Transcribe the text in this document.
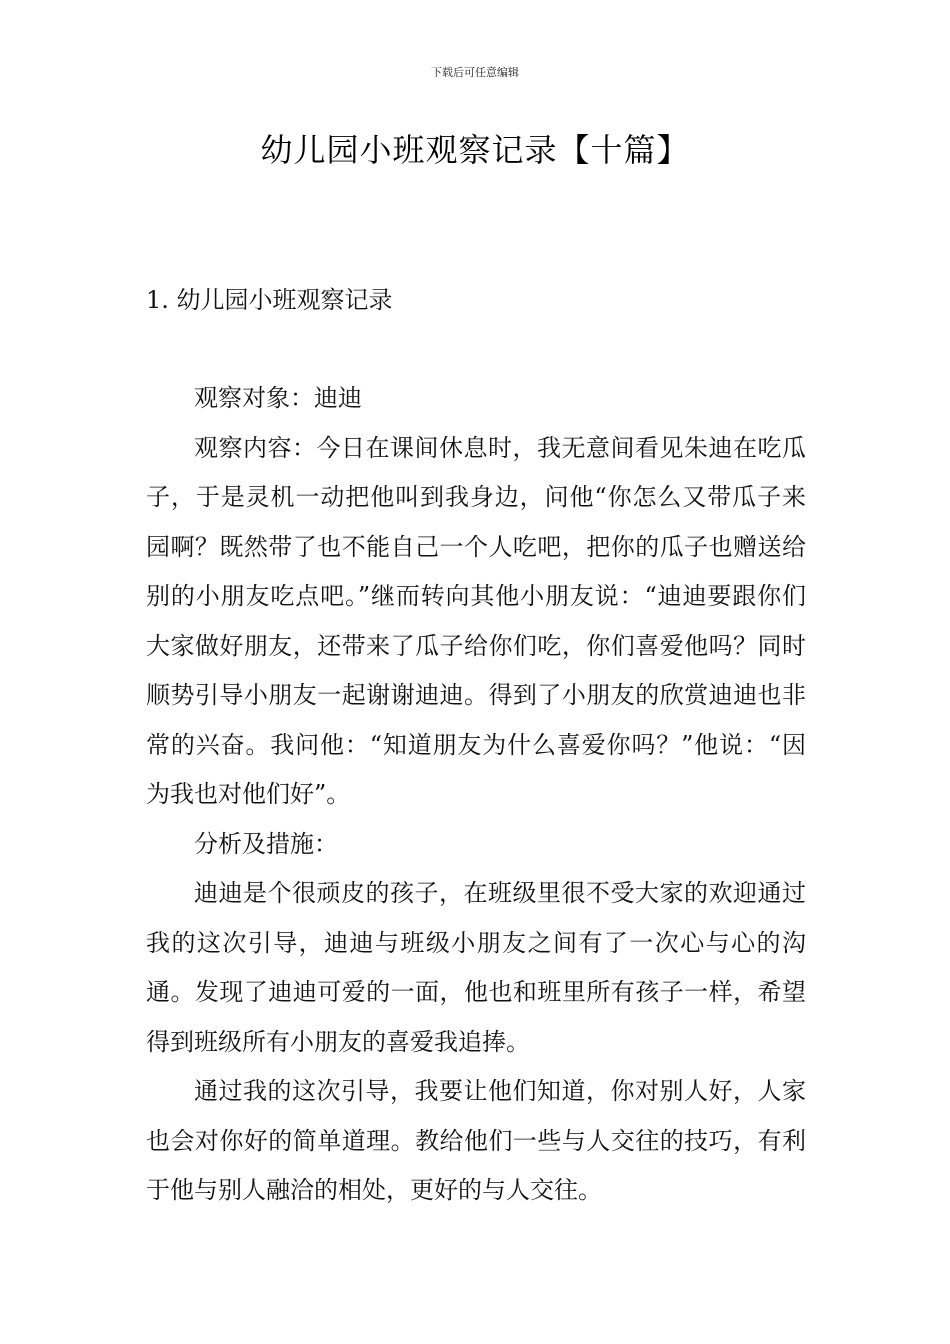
下载后可任意编辑
幼儿园小班观察记录【十篇】
1. 幼儿园小班观察记录

观察对象：迪迪

观察内容：今日在课间休息时，我无意间看见朱迪在吃瓜子，于是灵机一动把他叫到我身边，问他“你怎么又带瓜子来园啊？既然带了也不能自己一个人吃吧，把你的瓜子也赠送给别的小朋友吃点吧。”继而转向其他小朋友说：“迪迪要跟你们大家做好朋友，还带来了瓜子给你们吃，你们喜爱他吗？同时顺势引导小朋友一起谢谢迪迪。得到了小朋友的欣赏迪迪也非常的兴奋。我问他：“知道朋友为什么喜爱你吗？”他说：“因为我也对他们好”。

分析及措施：

迪迪是个很顽皮的孩子，在班级里很不受大家的欢迎通过我的这次引导，迪迪与班级小朋友之间有了一次心与心的沟通。发现了迪迪可爱的一面，他也和班里所有孩子一样，希望得到班级所有小朋友的喜爱我追捧。

通过我的这次引导，我要让他们知道，你对别人好，人家也会对你好的简单道理。教给他们一些与人交往的技巧，有利于他与别人融洽的相处，更好的与人交往。
